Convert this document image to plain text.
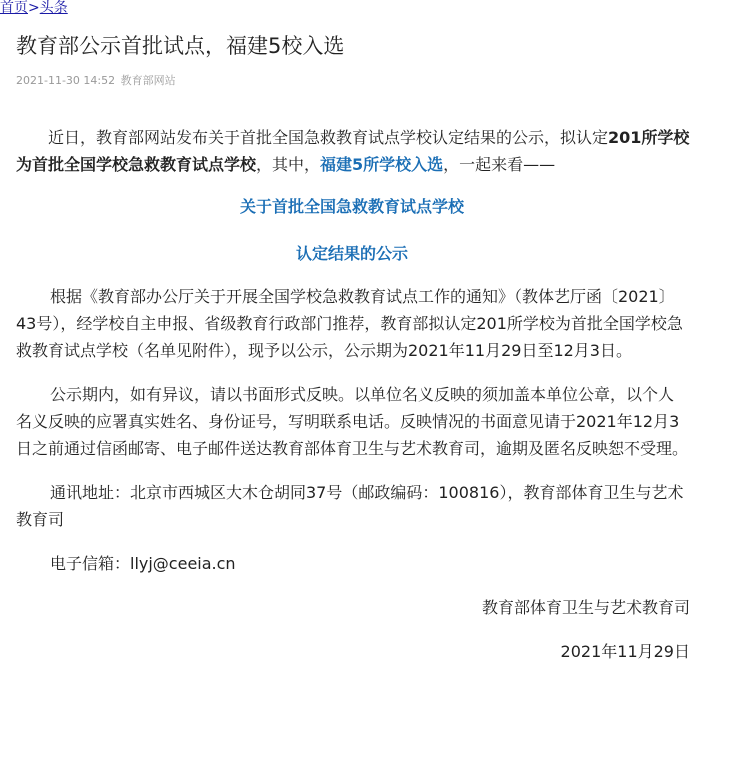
首页>头条
教育部公示首批试点，福建5校入选
2021-11-30 14:52 教育部网站

近日，教育部网站发布关于首批全国急救教育试点学校认定结果的公示，拟认定201所学校为首批全国学校急救教育试点学校，其中，福建5所学校入选，一起来看——

关于首批全国急救教育试点学校

认定结果的公示

根据《教育部办公厅关于开展全国学校急救教育试点工作的通知》（教体艺厅函〔2021〕43号），经学校自主申报、省级教育行政部门推荐，教育部拟认定201所学校为首批全国学校急救教育试点学校（名单见附件），现予以公示，公示期为2021年11月29日至12月3日。

公示期内，如有异议，请以书面形式反映。以单位名义反映的须加盖本单位公章，以个人名义反映的应署真实姓名、身份证号，写明联系电话。反映情况的书面意见请于2021年12月3日之前通过信函邮寄、电子邮件送达教育部体育卫生与艺术教育司，逾期及匿名反映恕不受理。

通讯地址：北京市西城区大木仓胡同37号（邮政编码：100816），教育部体育卫生与艺术教育司

电子信箱：llyj@ceeia.cn

教育部体育卫生与艺术教育司

2021年11月29日
